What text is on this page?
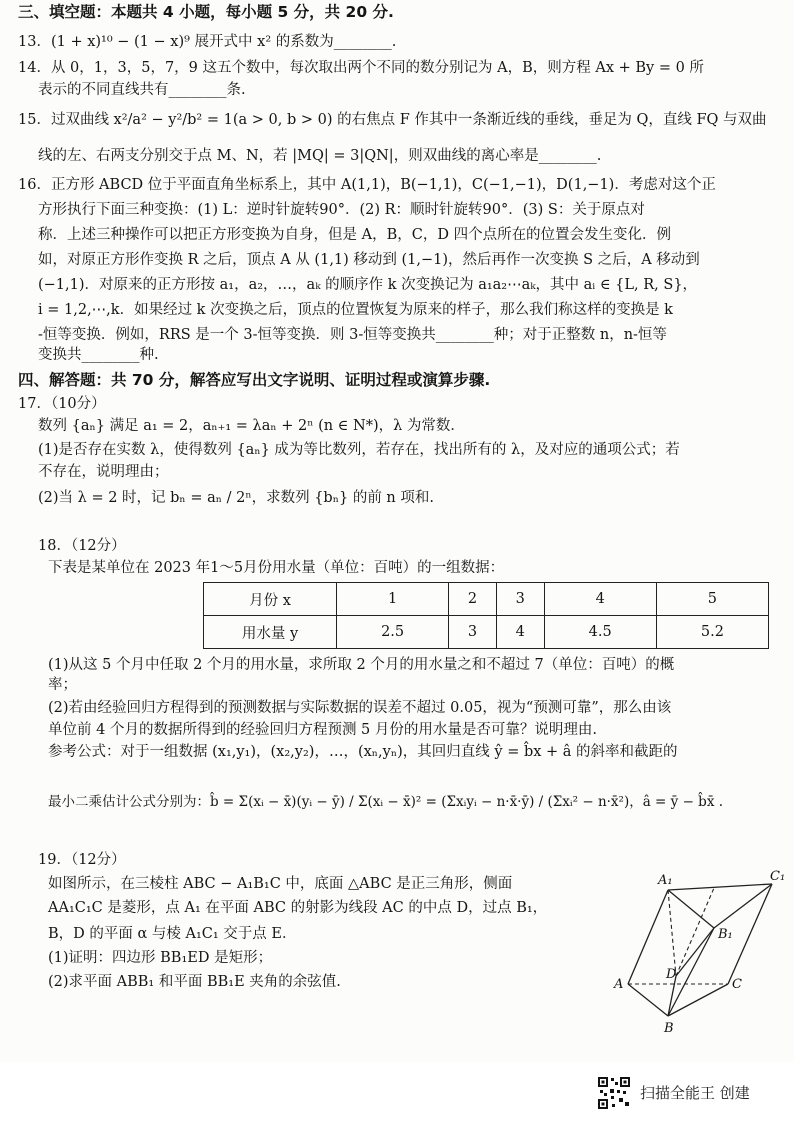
三、填空题：本题共 4 小题，每小题 5 分，共 20 分.
13．(1 + x)¹⁰ − (1 − x)⁹ 展开式中 x² 的系数为________.
14．从 0，1，3，5，7，9 这五个数中，每次取出两个不同的数分别记为 A，B，则方程 Ax + By = 0 所
表示的不同直线共有________条.
15．过双曲线 x²/a² − y²/b² = 1(a > 0, b > 0) 的右焦点 F 作其中一条渐近线的垂线，垂足为 Q，直线 FQ 与双曲
线的左、右两支分别交于点 M、N，若 |MQ| = 3|QN|，则双曲线的离心率是________.
16．正方形 ABCD 位于平面直角坐标系上，其中 A(1,1)，B(−1,1)，C(−1,−1)，D(1,−1)．考虑对这个正
方形执行下面三种变换：(1) L：逆时针旋转90°．(2) R：顺时针旋转90°．(3) S：关于原点对
称．上述三种操作可以把正方形变换为自身，但是 A，B，C，D 四个点所在的位置会发生变化．例
如，对原正方形作变换 R 之后，顶点 A 从 (1,1) 移动到 (1,−1)，然后再作一次变换 S 之后，A 移动到
(−1,1)．对原来的正方形按 a₁，a₂，…，aₖ 的顺序作 k 次变换记为 a₁a₂⋯aₖ，其中 aᵢ ∈ {L, R, S}，
i = 1,2,⋯,k．如果经过 k 次变换之后，顶点的位置恢复为原来的样子，那么我们称这样的变换是 k
-恒等变换．例如，RRS 是一个 3-恒等变换．则 3-恒等变换共________种；对于正整数 n，n-恒等
变换共________种.
四、解答题：共 70 分，解答应写出文字说明、证明过程或演算步骤.
17．（10分）
数列 {aₙ} 满足 a₁ = 2，aₙ₊₁ = λaₙ + 2ⁿ (n ∈ N*)，λ 为常数．
(1)是否存在实数 λ，使得数列 {aₙ} 成为等比数列，若存在，找出所有的 λ，及对应的通项公式；若
不存在，说明理由；
(2)当 λ = 2 时，记 bₙ = aₙ / 2ⁿ，求数列 {bₙ} 的前 n 项和.
18．（12分）
下表是某单位在 2023 年1～5月份用水量（单位：百吨）的一组数据：
月份 x	1	2	3	4	5
用水量 y	2.5	3	4	4.5	5.2
(1)从这 5 个月中任取 2 个月的用水量，求所取 2 个月的用水量之和不超过 7（单位：百吨）的概
率；
(2)若由经验回归方程得到的预测数据与实际数据的误差不超过 0.05，视为“预测可靠”，那么由该
单位前 4 个月的数据所得到的经验回归方程预测 5 月份的用水量是否可靠？说明理由.
参考公式：对于一组数据 (x₁,y₁)，(x₂,y₂)，…，(xₙ,yₙ)，其回归直线 ŷ = b̂x + â 的斜率和截距的
最小二乘估计公式分别为：b̂ = Σ(xᵢ − x̄)(yᵢ − ȳ) / Σ(xᵢ − x̄)² = (Σxᵢyᵢ − n·x̄·ȳ) / (Σxᵢ² − n·x̄²)，â = ȳ − b̂x̄ .
19．（12分）
如图所示，在三棱柱 ABC − A₁B₁C 中，底面 △ABC 是正三角形，侧面
AA₁C₁C 是菱形，点 A₁ 在平面 ABC 的射影为线段 AC 的中点 D，过点 B₁，
B，D 的平面 α 与棱 A₁C₁ 交于点 E．
(1)证明：四边形 BB₁ED 是矩形；
(2)求平面 ABB₁ 和平面 BB₁E 夹角的余弦值.
A₁	C₁
B₁
D
A	C
B
扫描全能王 创建
